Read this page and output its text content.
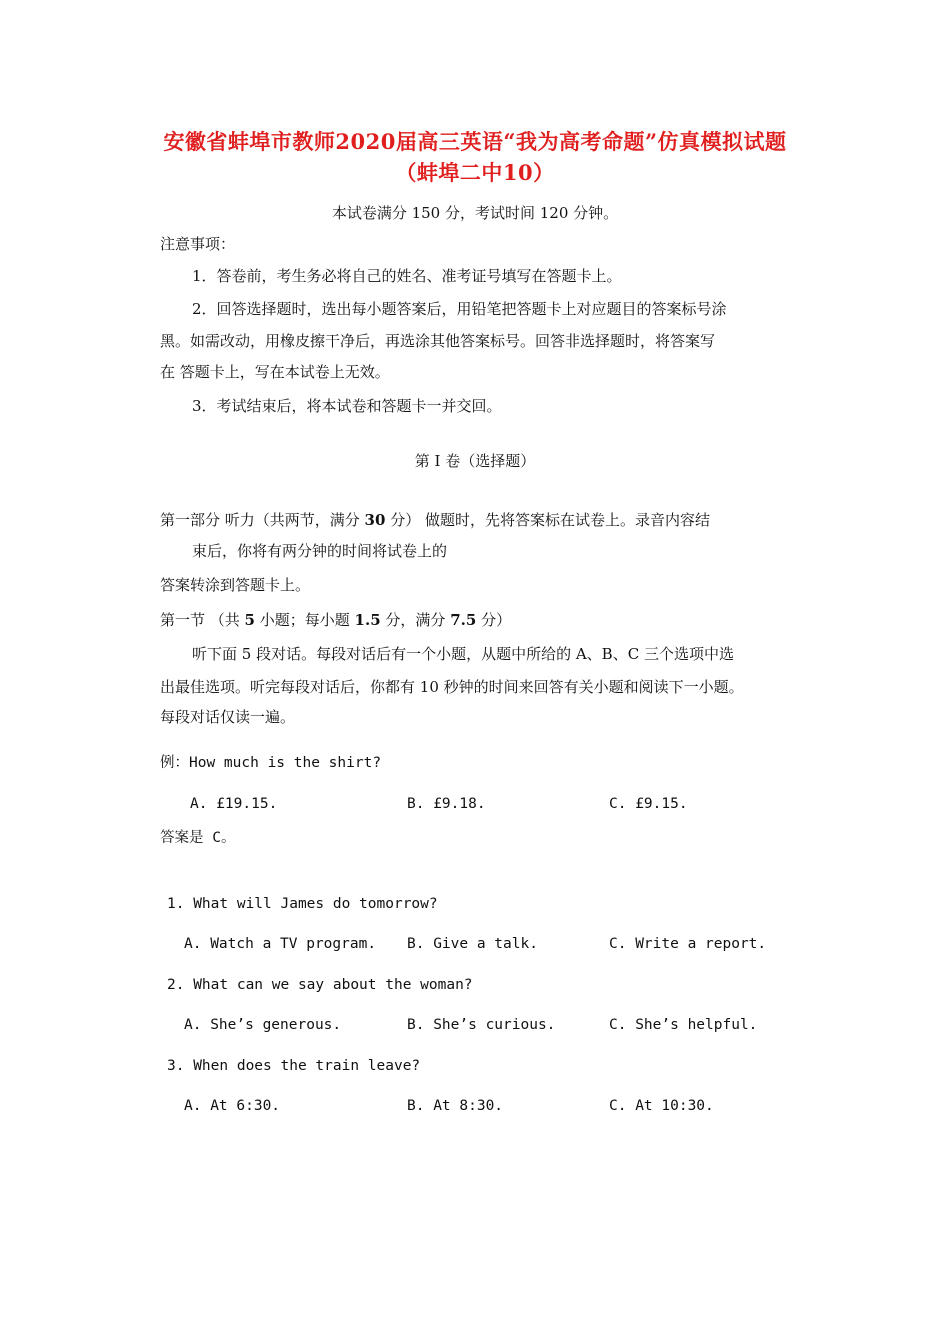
安徽省蚌埠市教师2020届高三英语“我为高考命题”仿真模拟试题
（蚌埠二中10）
本试卷满分 150 分，考试时间 120 分钟。
注意事项：
1．答卷前，考生务必将自己的姓名、准考证号填写在答题卡上。
2．回答选择题时，选出每小题答案后，用铅笔把答题卡上对应题目的答案标号涂
黑。如需改动，用橡皮擦干净后，再选涂其他答案标号。回答非选择题时，将答案写
在 答题卡上，写在本试卷上无效。
3．考试结束后，将本试卷和答题卡一并交回。
第 I 卷（选择题）
第一部分 听力（共两节，满分 30 分） 做题时，先将答案标在试卷上。录音内容结
束后，你将有两分钟的时间将试卷上的
答案转涂到答题卡上。
第一节 （共 5 小题；每小题 1.5 分，满分 7.5 分）
听下面 5 段对话。每段对话后有一个小题，从题中所给的 A、B、C 三个选项中选
出最佳选项。听完每段对话后，你都有 10 秒钟的时间来回答有关小题和阅读下一小题。
每段对话仅读一遍。
例：How much is the shirt?
A. £19.15.	B. £9.18.	C. £9.15.
答案是 C。
1. What will James do tomorrow?
A. Watch a TV program. B. Give a talk.	C. Write a report.
2. What can we say about the woman?
A. She’s generous.	B. She’s curious.	C. She’s helpful.
3. When does the train leave?
A. At 6:30.	B. At 8:30.	C. At 10:30.
